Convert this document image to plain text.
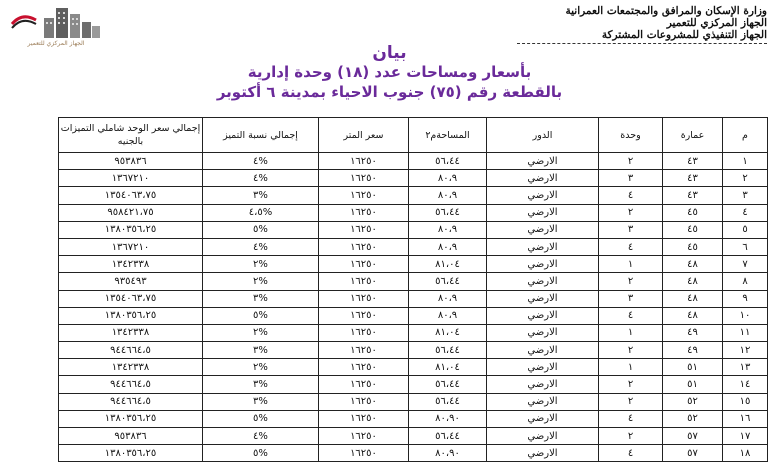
الجهاز المركزي للتعمير
وزارة الإسكان والمرافق والمجتمعات العمرانية
الجهاز المركزي للتعمير
الجهاز التنفيذي للمشروعات المشتركة
بيان
بأسعار ومساحات عدد (١٨) وحدة إدارية
بالقطعة رقم (٧٥) جنوب الاحياء بمدينة ٦ أكتوبر
م	عمارة	وحدة	الدور	المساحةم٢	سعر المتر	إجمالي نسبة التميز	إجمالي سعر الوحد شاملي التميزات بالجنيه
١	٤٣	٢	الارضي	٥٦،٤٤	١٦٢٥٠	%٤	٩٥٣٨٣٦
٢	٤٣	٣	الارضي	٨٠،٩	١٦٢٥٠	%٤	١٣٦٧٢١٠
٣	٤٣	٤	الارضي	٨٠،٩	١٦٢٥٠	%٣	١٣٥٤٠٦٣،٧٥
٤	٤٥	٢	الارضي	٥٦،٤٤	١٦٢٥٠	%٤،٥	٩٥٨٤٢١،٧٥
٥	٤٥	٣	الارضي	٨٠،٩	١٦٢٥٠	%٥	١٣٨٠٣٥٦،٢٥
٦	٤٥	٤	الارضي	٨٠،٩	١٦٢٥٠	%٤	١٣٦٧٢١٠
٧	٤٨	١	الارضي	٨١،٠٤	١٦٢٥٠	%٢	١٣٤٢٣٣٨
٨	٤٨	٢	الارضي	٥٦،٤٤	١٦٢٥٠	%٢	٩٣٥٤٩٣
٩	٤٨	٣	الارضي	٨٠،٩	١٦٢٥٠	%٣	١٣٥٤٠٦٣،٧٥
١٠	٤٨	٤	الارضي	٨٠،٩	١٦٢٥٠	%٥	١٣٨٠٣٥٦،٢٥
١١	٤٩	١	الارضي	٨١،٠٤	١٦٢٥٠	%٢	١٣٤٢٣٣٨
١٢	٤٩	٢	الارضي	٥٦،٤٤	١٦٢٥٠	%٣	٩٤٤٦٦٤،٥
١٣	٥١	١	الارضي	٨١،٠٤	١٦٢٥٠	%٢	١٣٤٢٣٣٨
١٤	٥١	٢	الارضي	٥٦،٤٤	١٦٢٥٠	%٣	٩٤٤٦٦٤،٥
١٥	٥٢	٢	الارضي	٥٦،٤٤	١٦٢٥٠	%٣	٩٤٤٦٦٤،٥
١٦	٥٢	٤	الارضي	٨٠،٩٠	١٦٢٥٠	%٥	١٣٨٠٣٥٦،٢٥
١٧	٥٧	٢	الارضي	٥٦،٤٤	١٦٢٥٠	%٤	٩٥٣٨٣٦
١٨	٥٧	٤	الارضي	٨٠،٩٠	١٦٢٥٠	%٥	١٣٨٠٣٥٦،٢٥
